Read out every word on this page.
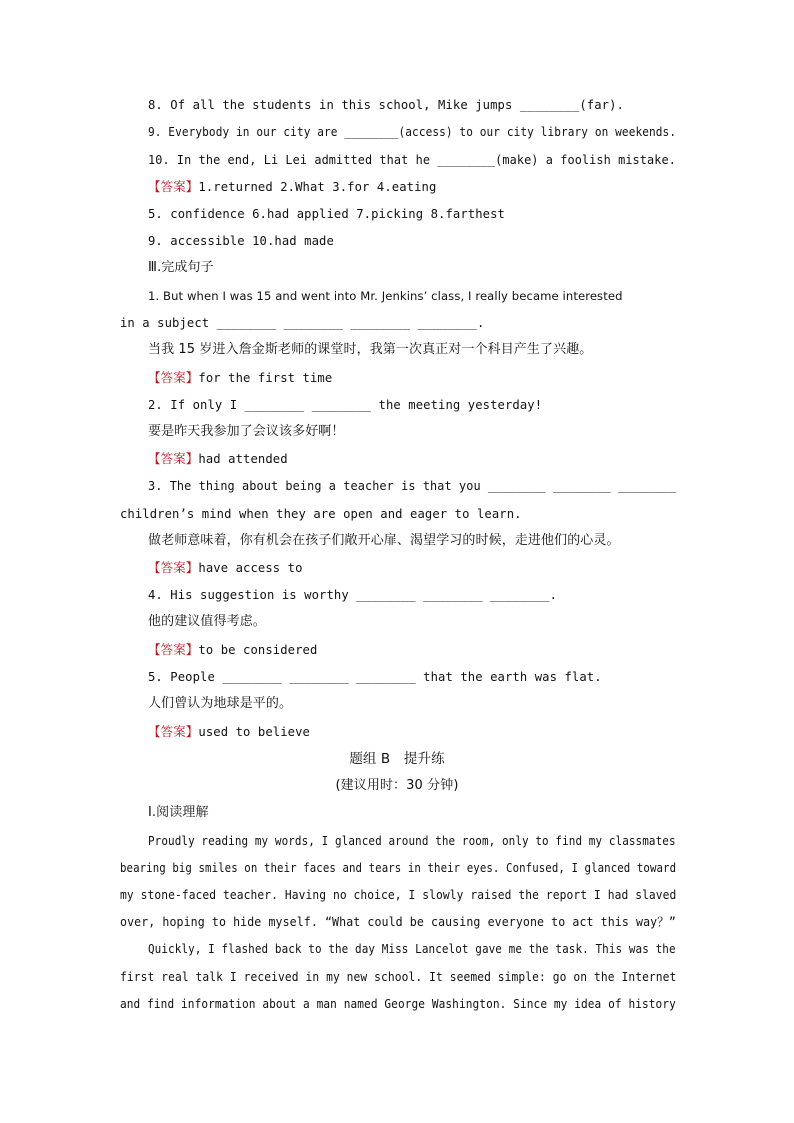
8. Of all the students in this school, Mike jumps ________(far).
9. Everybody in our city are ________(access) to our city library on weekends.
10. In the end, Li Lei admitted that he ________(make) a foolish mistake.
【答案】1.returned 2.What 3.for 4.eating
5. confidence 6.had applied 7.picking 8.farthest
9. accessible 10.had made
Ⅲ.完成句子
1. But when I was 15 and went into Mr. Jenkins’ class, I really became interested
in a subject ________ ________ ________ ________.
当我 15 岁进入詹金斯老师的课堂时，我第一次真正对一个科目产生了兴趣。
【答案】for the first time
2. If only I ________ ________ the meeting yesterday!
要是昨天我参加了会议该多好啊！
【答案】had attended
3. The thing about being a teacher is that you ________ ________ ________
children’s mind when they are open and eager to learn.
做老师意味着，你有机会在孩子们敞开心扉、渴望学习的时候，走进他们的心灵。
【答案】have access to
4. His suggestion is worthy ________ ________ ________.
他的建议值得考虑。
【答案】to be considered
5. People ________ ________ ________ that the earth was flat.
人们曾认为地球是平的。
【答案】used to believe
题组 B　提升练
(建议用时：30 分钟)
Ⅰ.阅读理解
Proudly reading my words, I glanced around the room, only to find my classmates
bearing big smiles on their faces and tears in their eyes. Confused, I glanced toward
my stone-faced teacher. Having no choice, I slowly raised the report I had slaved
over, hoping to hide myself. “What could be causing everyone to act this way？”
Quickly, I flashed back to the day Miss Lancelot gave me the task. This was the
first real talk I received in my new school. It seemed simple: go on the Internet
and find information about a man named George Washington. Since my idea of history
